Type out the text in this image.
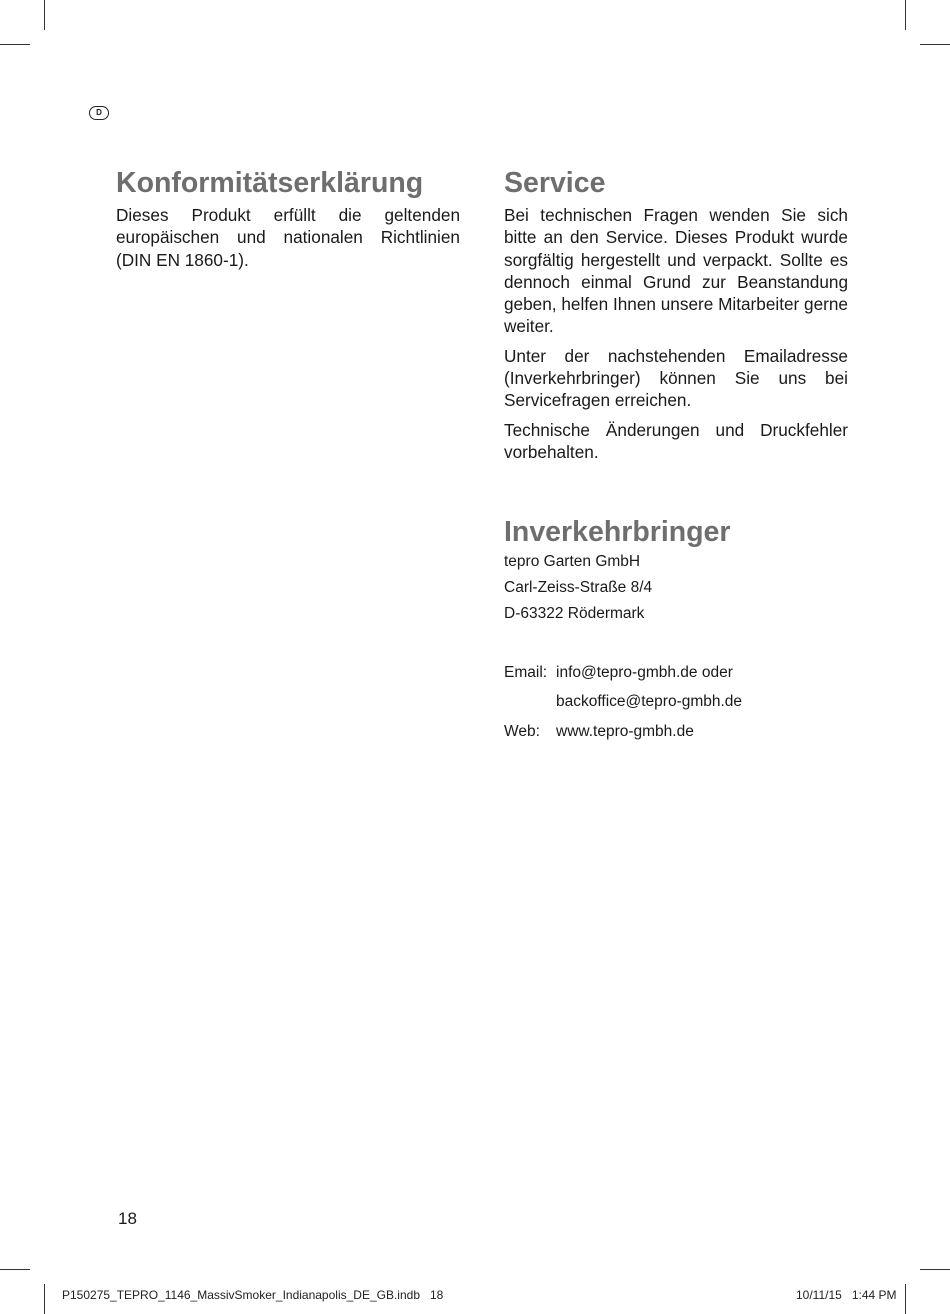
D
Konformitätserklärung

Dieses Produkt erfüllt die geltenden europäischen und nationalen Richtlinien (DIN EN 1860-1).

Service

Bei technischen Fragen wenden Sie sich bitte an den Service. Dieses Produkt wurde sorgfältig hergestellt und verpackt. Sollte es dennoch einmal Grund zur Beanstandung geben, helfen Ihnen unsere Mitarbeiter gerne weiter.

Unter der nachstehenden Emailadresse (Inverkehrbringer) können Sie uns bei Servicefragen erreichen.

Technische Änderungen und Druckfehler vorbehalten.

Inverkehrbringer
tepro Garten GmbH
Carl-Zeiss-Straße 8/4
D-63322 Rödermark
Email: info@tepro-gmbh.de oder
backoffice@tepro-gmbh.de
Web: www.tepro-gmbh.de
18
P150275_TEPRO_1146_MassivSmoker_Indianapolis_DE_GB.indb   18	10/11/15   1:44 PM
